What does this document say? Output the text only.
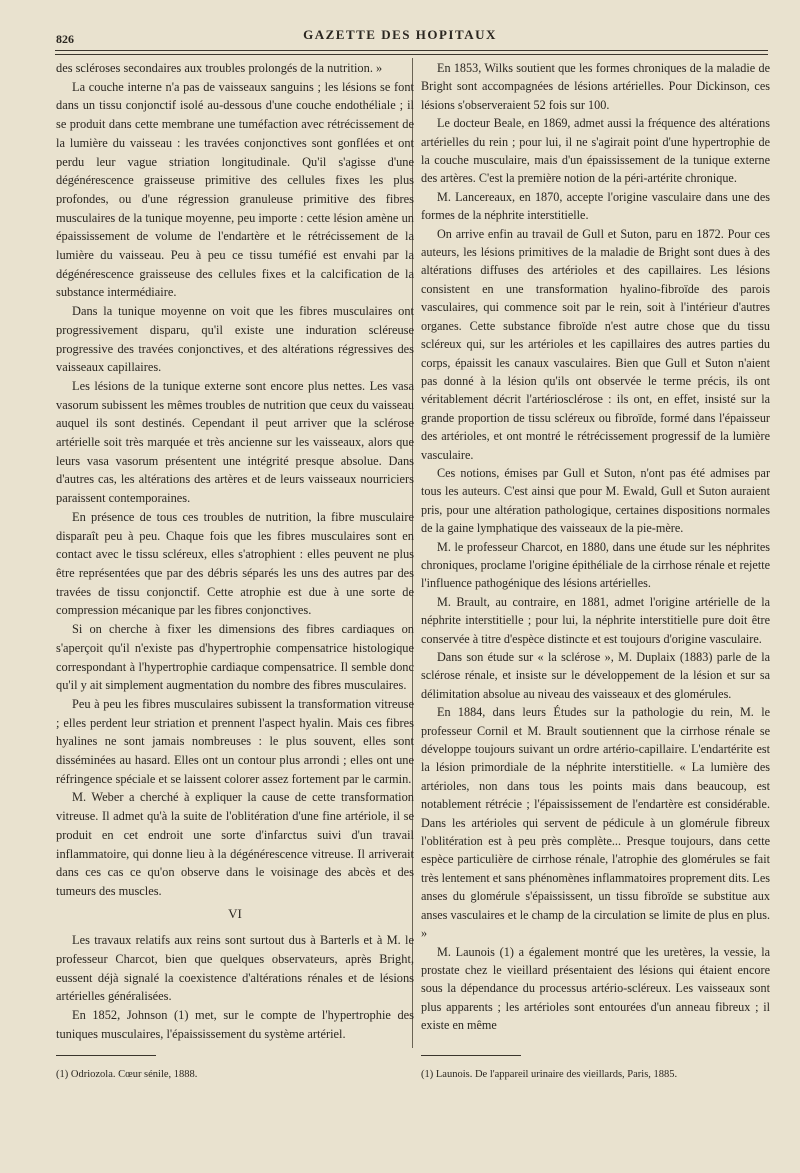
826	GAZETTE DES HOPITAUX

des scléroses secondaires aux troubles prolongés de la nutrition. »

La couche interne n'a pas de vaisseaux sanguins ; les lésions se font dans un tissu conjonctif isolé au-dessous d'une couche endothéliale ; il se produit dans cette membrane une tuméfaction avec rétrécissement de la lumière du vaisseau : les travées conjonctives sont gonflées et ont perdu leur vague striation longitudinale. Qu'il s'agisse d'une dégénérescence graisseuse primitive des cellules fixes les plus profondes, ou d'une régression granuleuse primitive des fibres musculaires de la tunique moyenne, peu importe : cette lésion amène un épaississement de volume de l'endartère et le rétrécissement de la lumière du vaisseau. Peu à peu ce tissu tuméfié est envahi par la dégénérescence graisseuse des cellules fixes et la calcification de la substance intermédiaire.

Dans la tunique moyenne on voit que les fibres musculaires ont progressivement disparu, qu'il existe une induration scléreuse progressive des travées conjonctives, et des altérations régressives des vaisseaux capillaires.

Les lésions de la tunique externe sont encore plus nettes. Les vasa vasorum subissent les mêmes troubles de nutrition que ceux du vaisseau auquel ils sont destinés. Cependant il peut arriver que la sclérose artérielle soit très marquée et très ancienne sur les vaisseaux, alors que leurs vasa vasorum présentent une intégrité presque absolue. Dans d'autres cas, les altérations des artères et de leurs vaisseaux nourriciers paraissent contemporaines.

En présence de tous ces troubles de nutrition, la fibre musculaire disparaît peu à peu. Chaque fois que les fibres musculaires sont en contact avec le tissu scléreux, elles s'atrophient : elles peuvent ne plus être représentées que par des débris séparés les uns des autres par des travées de tissu conjonctif. Cette atrophie est due à une sorte de compression mécanique par les fibres conjonctives.

Si on cherche à fixer les dimensions des fibres cardiaques on s'aperçoit qu'il n'existe pas d'hypertrophie compensatrice histologique correspondant à l'hypertrophie cardiaque compensatrice. Il semble donc qu'il y ait simplement augmentation du nombre des fibres musculaires.

Peu à peu les fibres musculaires subissent la transformation vitreuse ; elles perdent leur striation et prennent l'aspect hyalin. Mais ces fibres hyalines ne sont jamais nombreuses : le plus souvent, elles sont disséminées au hasard. Elles ont un contour plus arrondi ; elles ont une réfringence spéciale et se laissent colorer assez fortement par le carmin.

M. Weber a cherché à expliquer la cause de cette transformation vitreuse. Il admet qu'à la suite de l'oblitération d'une fine artériole, il se produit en cet endroit une sorte d'infarctus suivi d'un travail inflammatoire, qui donne lieu à la dégénérescence vitreuse. Il arriverait dans ces cas ce qu'on observe dans le voisinage des abcès et des tumeurs des muscles.

VI

Les travaux relatifs aux reins sont surtout dus à Barterls et à M. le professeur Charcot, bien que quelques observateurs, après Bright, eussent déjà signalé la coexistence d'altérations rénales et de lésions artérielles généralisées.

En 1852, Johnson (1) met, sur le compte de l'hypertrophie des tuniques musculaires, l'épaississement du système artériel.

En 1853, Wilks soutient que les formes chroniques de la maladie de Bright sont accompagnées de lésions artérielles. Pour Dickinson, ces lésions s'observeraient 52 fois sur 100.

Le docteur Beale, en 1869, admet aussi la fréquence des altérations artérielles du rein ; pour lui, il ne s'agirait point d'une hypertrophie de la couche musculaire, mais d'un épaississement de la tunique externe des artères. C'est la première notion de la péri-artérite chronique.

M. Lancereaux, en 1870, accepte l'origine vasculaire dans une des formes de la néphrite interstitielle.

On arrive enfin au travail de Gull et Suton, paru en 1872. Pour ces auteurs, les lésions primitives de la maladie de Bright sont dues à des altérations diffuses des artérioles et des capillaires. Les lésions consistent en une transformation hyalino-fibroïde des parois vasculaires, qui commence soit par le rein, soit à l'intérieur d'autres organes. Cette substance fibroïde n'est autre chose que du tissu scléreux qui, sur les artérioles et les capillaires des autres parties du corps, épaissit les canaux vasculaires. Bien que Gull et Suton n'aient pas donné à la lésion qu'ils ont observée le terme précis, ils ont véritablement décrit l'artériosclérose : ils ont, en effet, insisté sur la grande proportion de tissu scléreux ou fibroïde, formé dans l'épaisseur des artérioles, et ont montré le rétrécissement progressif de la lumière vasculaire.

Ces notions, émises par Gull et Suton, n'ont pas été admises par tous les auteurs. C'est ainsi que pour M. Ewald, Gull et Suton auraient pris, pour une altération pathologique, certaines dispositions normales de la gaine lymphatique des vaisseaux de la pie-mère.

M. le professeur Charcot, en 1880, dans une étude sur les néphrites chroniques, proclame l'origine épithéliale de la cirrhose rénale et rejette l'influence pathogénique des lésions artérielles.

M. Brault, au contraire, en 1881, admet l'origine artérielle de la néphrite interstitielle ; pour lui, la néphrite interstitielle pure doit être conservée à titre d'espèce distincte et est toujours d'origine vasculaire.

Dans son étude sur « la sclérose », M. Duplaix (1883) parle de la sclérose rénale, et insiste sur le développement de la lésion et sur sa délimitation absolue au niveau des vaisseaux et des glomérules.

En 1884, dans leurs Études sur la pathologie du rein, M. le professeur Cornil et M. Brault soutiennent que la cirrhose rénale se développe toujours suivant un ordre artério-capillaire. L'endartérite est la lésion primordiale de la néphrite interstitielle. « La lumière des artérioles, non dans tous les points mais dans beaucoup, est notablement rétrécie ; l'épaississement de l'endartère est considérable. Dans les artérioles qui servent de pédicule à un glomérule fibreux l'oblitération est à peu près complète... Presque toujours, dans cette espèce particulière de cirrhose rénale, l'atrophie des glomérules se fait très lentement et sans phénomènes inflammatoires proprement dits. Les anses du glomérule s'épaississent, un tissu fibroïde se substitue aux anses vasculaires et le champ de la circulation se limite de plus en plus. »

M. Launois (1) a également montré que les uretères, la vessie, la prostate chez le vieillard présentaient des lésions qui étaient encore sous la dépendance du processus artério-scléreux. Les vaisseaux sont plus apparents ; les artérioles sont entourées d'un anneau fibreux ; il existe en même

(1) Odriozola. Cœur sénile, 1888.	(1) Launois. De l'appareil urinaire des vieillards, Paris, 1885.
